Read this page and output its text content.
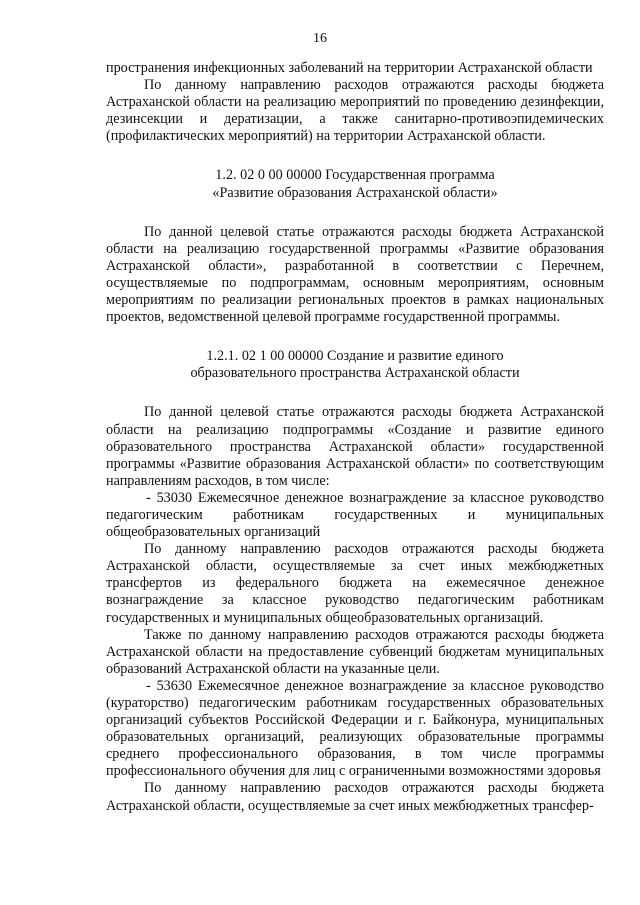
16

пространения инфекционных заболеваний на территории Астраханской области

По данному направлению расходов отражаются расходы бюджета Астраханской области на реализацию мероприятий по проведению дезинфекции, дезинсекции и дератизации, а также санитарно-противоэпидемических (профилактических мероприятий) на территории Астраханской области.

1.2. 02 0 00 00000 Государственная программа
«Развитие образования Астраханской области»

По данной целевой статье отражаются расходы бюджета Астраханской области на реализацию государственной программы «Развитие образования Астраханской области», разработанной в соответствии с Перечнем, осуществляемые по подпрограммам, основным мероприятиям, основным мероприятиям по реализации региональных проектов в рамках национальных проектов, ведомственной целевой программе государственной программы.

1.2.1. 02 1 00 00000 Создание и развитие единого
образовательного пространства Астраханской области

По данной целевой статье отражаются расходы бюджета Астраханской области на реализацию подпрограммы «Создание и развитие единого образовательного пространства Астраханской области» государственной программы «Развитие образования Астраханской области» по соответствующим направлениям расходов, в том числе:

- 53030 Ежемесячное денежное вознаграждение за классное руководство педагогическим работникам государственных и муниципальных общеобразовательных организаций

По данному направлению расходов отражаются расходы бюджета Астраханской области, осуществляемые за счет иных межбюджетных трансфертов из федерального бюджета на ежемесячное денежное вознаграждение за классное руководство педагогическим работникам государственных и муниципальных общеобразовательных организаций.

Также по данному направлению расходов отражаются расходы бюджета Астраханской области на предоставление субвенций бюджетам муниципальных образований Астраханской области на указанные цели.

- 53630 Ежемесячное денежное вознаграждение за классное руководство (кураторство) педагогическим работникам государственных образовательных организаций субъектов Российской Федерации и г. Байконура, муниципальных образовательных организаций, реализующих образовательные программы среднего профессионального образования, в том числе программы профессионального обучения для лиц с ограниченными возможностями здоровья

По данному направлению расходов отражаются расходы бюджета Астраханской области, осуществляемые за счет иных межбюджетных трансфер-
